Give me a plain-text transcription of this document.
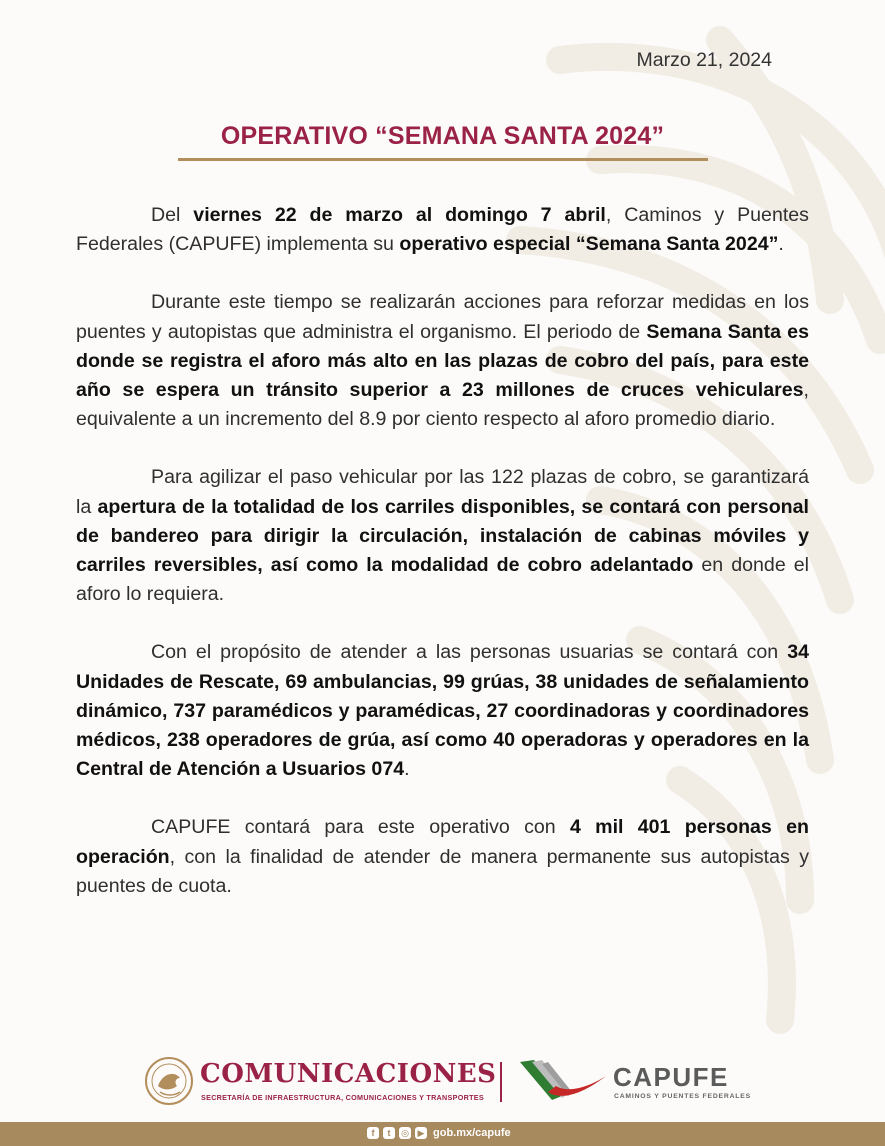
Marzo 21, 2024
OPERATIVO “SEMANA SANTA 2024”

Del viernes 22 de marzo al domingo 7 abril, Caminos y Puentes Federales (CAPUFE) implementa su operativo especial “Semana Santa 2024”.

Durante este tiempo se realizarán acciones para reforzar medidas en los puentes y autopistas que administra el organismo. El periodo de Semana Santa es donde se registra el aforo más alto en las plazas de cobro del país, para este año se espera un tránsito superior a 23 millones de cruces vehiculares, equivalente a un incremento del 8.9 por ciento respecto al aforo promedio diario.

Para agilizar el paso vehicular por las 122 plazas de cobro, se garantizará la apertura de la totalidad de los carriles disponibles, se contará con personal de bandereo para dirigir la circulación, instalación de cabinas móviles y carriles reversibles, así como la modalidad de cobro adelantado en donde el aforo lo requiera.

Con el propósito de atender a las personas usuarias se contará con 34 Unidades de Rescate, 69 ambulancias, 99 grúas, 38 unidades de señalamiento dinámico, 737 paramédicos y paramédicas, 27 coordinadoras y coordinadores médicos, 238 operadores de grúa, así como 40 operadoras y operadores en la Central de Atención a Usuarios 074.

CAPUFE contará para este operativo con 4 mil 401 personas en operación, con la finalidad de atender de manera permanente sus autopistas y puentes de cuota.

COMUNICACIONES
SECRETARÍA DE INFRAESTRUCTURA, COMUNICACIONES Y TRANSPORTES
CAPUFE
CAMINOS Y PUENTES FEDERALES
f	t	◎ ▶ gob.mx/capufe
